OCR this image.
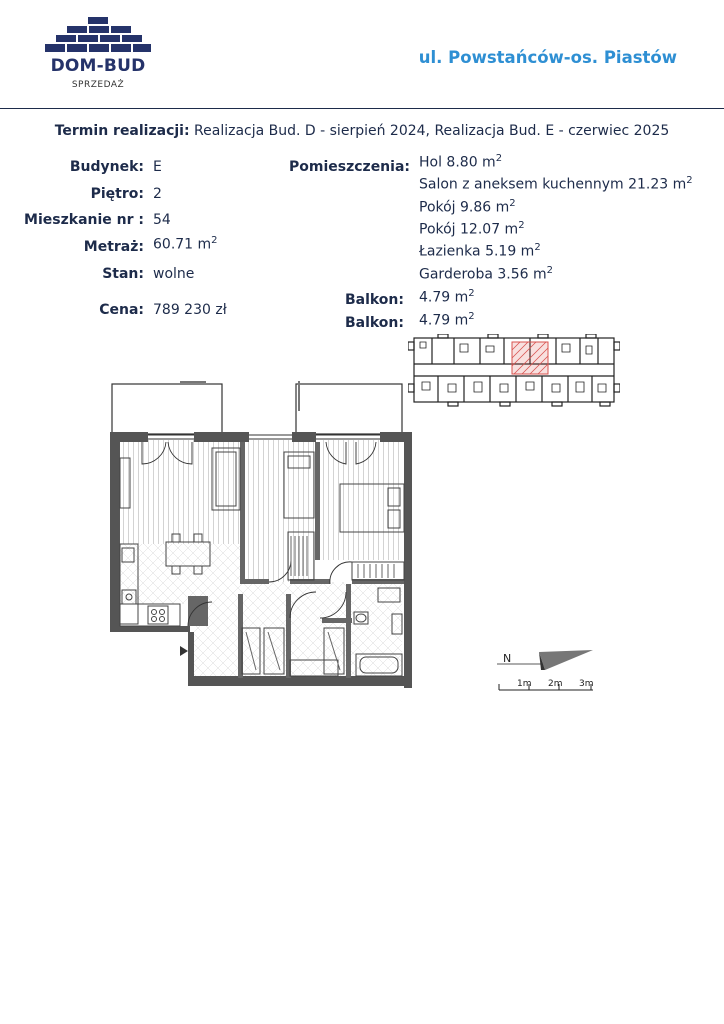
DOM-BUD
SPRZEDAŻ
ul. Powstańców-os. Piastów
Termin realizacji: Realizacja Bud. D - sierpień 2024, Realizacja Bud. E - czerwiec 2025
Budynek: E
Piętro: 2
Mieszkanie nr : 54
Metraż: 60.71 $m^2$
Stan: wolne
Cena: 789 230 zł
Pomieszczenia: Hol 8.80 $m^2$
Salon z aneksem kuchennym 21.23 $m^2$
Pokój 9.86 $m^2$
Pokój 12.07 $m^2$
Łazienka 5.19 $m^2$
Garderoba 3.56 $m^2$
Balkon: 4.79 $m^2$
Balkon: 4.79 $m^2$
N
1m 2m 3m
